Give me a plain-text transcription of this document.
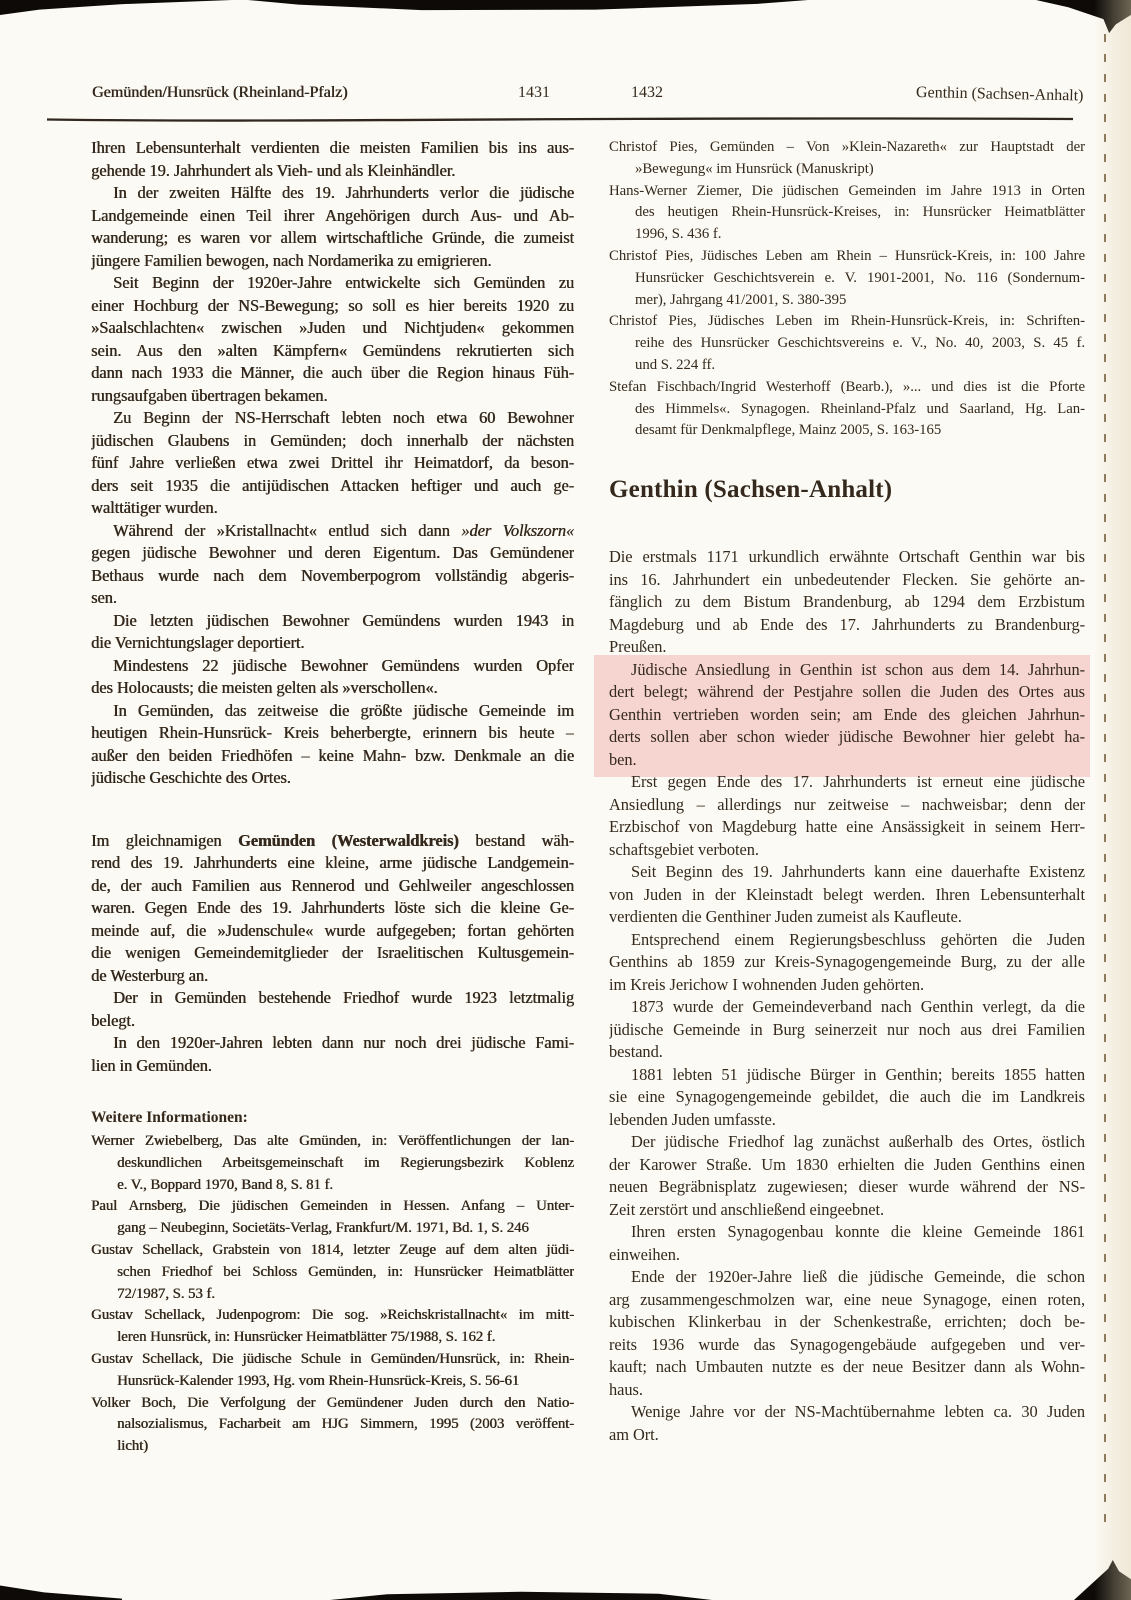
Gemünden/Hunsrück (Rheinland-Pfalz)	1431	1432	Genthin (Sachsen-Anhalt)
Ihren Lebensunterhalt verdienten die meisten Familien bis ins aus-
gehende 19. Jahrhundert als Vieh- und als Kleinhändler.
In der zweiten Hälfte des 19. Jahrhunderts verlor die jüdische
Landgemeinde einen Teil ihrer Angehörigen durch Aus- und Ab-
wanderung; es waren vor allem wirtschaftliche Gründe, die zumeist
jüngere Familien bewogen, nach Nordamerika zu emigrieren.
Seit Beginn der 1920er-Jahre entwickelte sich Gemünden zu
einer Hochburg der NS-Bewegung; so soll es hier bereits 1920 zu
»Saalschlachten« zwischen »Juden und Nichtjuden« gekommen
sein. Aus den »alten Kämpfern« Gemündens rekrutierten sich
dann nach 1933 die Männer, die auch über die Region hinaus Füh-
rungsaufgaben übertragen bekamen.
Zu Beginn der NS-Herrschaft lebten noch etwa 60 Bewohner
jüdischen Glaubens in Gemünden; doch innerhalb der nächsten
fünf Jahre verließen etwa zwei Drittel ihr Heimatdorf, da beson-
ders seit 1935 die antijüdischen Attacken heftiger und auch ge-
walttätiger wurden.
Während der »Kristallnacht« entlud sich dann »der Volkszorn«
gegen jüdische Bewohner und deren Eigentum. Das Gemündener
Bethaus wurde nach dem Novemberpogrom vollständig abgeris-
sen.
Die letzten jüdischen Bewohner Gemündens wurden 1943 in
die Vernichtungslager deportiert.
Mindestens 22 jüdische Bewohner Gemündens wurden Opfer
des Holocausts; die meisten gelten als »verschollen«.
In Gemünden, das zeitweise die größte jüdische Gemeinde im
heutigen Rhein-Hunsrück- Kreis beherbergte, erinnern bis heute –
außer den beiden Friedhöfen – keine Mahn- bzw. Denkmale an die
jüdische Geschichte des Ortes.
Im gleichnamigen Gemünden (Westerwaldkreis) bestand wäh-
rend des 19. Jahrhunderts eine kleine, arme jüdische Landgemein-
de, der auch Familien aus Rennerod und Gehlweiler angeschlossen
waren. Gegen Ende des 19. Jahrhunderts löste sich die kleine Ge-
meinde auf, die »Judenschule« wurde aufgegeben; fortan gehörten
die wenigen Gemeindemitglieder der Israelitischen Kultusgemein-
de Westerburg an.
Der in Gemünden bestehende Friedhof wurde 1923 letztmalig
belegt.
In den 1920er-Jahren lebten dann nur noch drei jüdische Fami-
lien in Gemünden.
Weitere Informationen:
Werner Zwiebelberg, Das alte Gmünden, in: Veröffentlichungen der lan-
deskundlichen Arbeitsgemeinschaft im Regierungsbezirk Koblenz
e. V., Boppard 1970, Band 8, S. 81 f.
Paul Arnsberg, Die jüdischen Gemeinden in Hessen. Anfang – Unter-
gang – Neubeginn, Societäts-Verlag, Frankfurt/M. 1971, Bd. 1, S. 246
Gustav Schellack, Grabstein von 1814, letzter Zeuge auf dem alten jüdi-
schen Friedhof bei Schloss Gemünden, in: Hunsrücker Heimatblätter
72/1987, S. 53 f.
Gustav Schellack, Judenpogrom: Die sog. »Reichskristallnacht« im mitt-
leren Hunsrück, in: Hunsrücker Heimatblätter 75/1988, S. 162 f.
Gustav Schellack, Die jüdische Schule in Gemünden/Hunsrück, in: Rhein-
Hunsrück-Kalender 1993, Hg. vom Rhein-Hunsrück-Kreis, S. 56-61
Volker Boch, Die Verfolgung der Gemündener Juden durch den Natio-
nalsozialismus, Facharbeit am HJG Simmern, 1995 (2003 veröffent-
licht)
Christof Pies, Gemünden – Von »Klein-Nazareth« zur Hauptstadt der
»Bewegung« im Hunsrück (Manuskript)
Hans-Werner Ziemer, Die jüdischen Gemeinden im Jahre 1913 in Orten
des heutigen Rhein-Hunsrück-Kreises, in: Hunsrücker Heimatblätter
1996, S. 436 f.
Christof Pies, Jüdisches Leben am Rhein – Hunsrück-Kreis, in: 100 Jahre
Hunsrücker Geschichtsverein e. V. 1901-2001, No. 116 (Sondernum-
mer), Jahrgang 41/2001, S. 380-395
Christof Pies, Jüdisches Leben im Rhein-Hunsrück-Kreis, in: Schriften-
reihe des Hunsrücker Geschichtsvereins e. V., No. 40, 2003, S. 45 f.
und S. 224 ff.
Stefan Fischbach/Ingrid Westerhoff (Bearb.), »... und dies ist die Pforte
des Himmels«. Synagogen. Rheinland-Pfalz und Saarland, Hg. Lan-
desamt für Denkmalpflege, Mainz 2005, S. 163-165
Genthin (Sachsen-Anhalt)
Die erstmals 1171 urkundlich erwähnte Ortschaft Genthin war bis
ins 16. Jahrhundert ein unbedeutender Flecken. Sie gehörte an-
fänglich zu dem Bistum Brandenburg, ab 1294 dem Erzbistum
Magdeburg und ab Ende des 17. Jahrhunderts zu Brandenburg-
Preußen.
Jüdische Ansiedlung in Genthin ist schon aus dem 14. Jahrhun-
dert belegt; während der Pestjahre sollen die Juden des Ortes aus
Genthin vertrieben worden sein; am Ende des gleichen Jahrhun-
derts sollen aber schon wieder jüdische Bewohner hier gelebt ha-
ben.
Erst gegen Ende des 17. Jahrhunderts ist erneut eine jüdische
Ansiedlung – allerdings nur zeitweise – nachweisbar; denn der
Erzbischof von Magdeburg hatte eine Ansässigkeit in seinem Herr-
schaftsgebiet verboten.
Seit Beginn des 19. Jahrhunderts kann eine dauerhafte Existenz
von Juden in der Kleinstadt belegt werden. Ihren Lebensunterhalt
verdienten die Genthiner Juden zumeist als Kaufleute.
Entsprechend einem Regierungsbeschluss gehörten die Juden
Genthins ab 1859 zur Kreis-Synagogengemeinde Burg, zu der alle
im Kreis Jerichow I wohnenden Juden gehörten.
1873 wurde der Gemeindeverband nach Genthin verlegt, da die
jüdische Gemeinde in Burg seinerzeit nur noch aus drei Familien
bestand.
1881 lebten 51 jüdische Bürger in Genthin; bereits 1855 hatten
sie eine Synagogengemeinde gebildet, die auch die im Landkreis
lebenden Juden umfasste.
Der jüdische Friedhof lag zunächst außerhalb des Ortes, östlich
der Karower Straße. Um 1830 erhielten die Juden Genthins einen
neuen Begräbnisplatz zugewiesen; dieser wurde während der NS-
Zeit zerstört und anschließend eingeebnet.
Ihren ersten Synagogenbau konnte die kleine Gemeinde 1861
einweihen.
Ende der 1920er-Jahre ließ die jüdische Gemeinde, die schon
arg zusammengeschmolzen war, eine neue Synagoge, einen roten,
kubischen Klinkerbau in der Schenkestraße, errichten; doch be-
reits 1936 wurde das Synagogengebäude aufgegeben und ver-
kauft; nach Umbauten nutzte es der neue Besitzer dann als Wohn-
haus.
Wenige Jahre vor der NS-Machtübernahme lebten ca. 30 Juden
am Ort.
